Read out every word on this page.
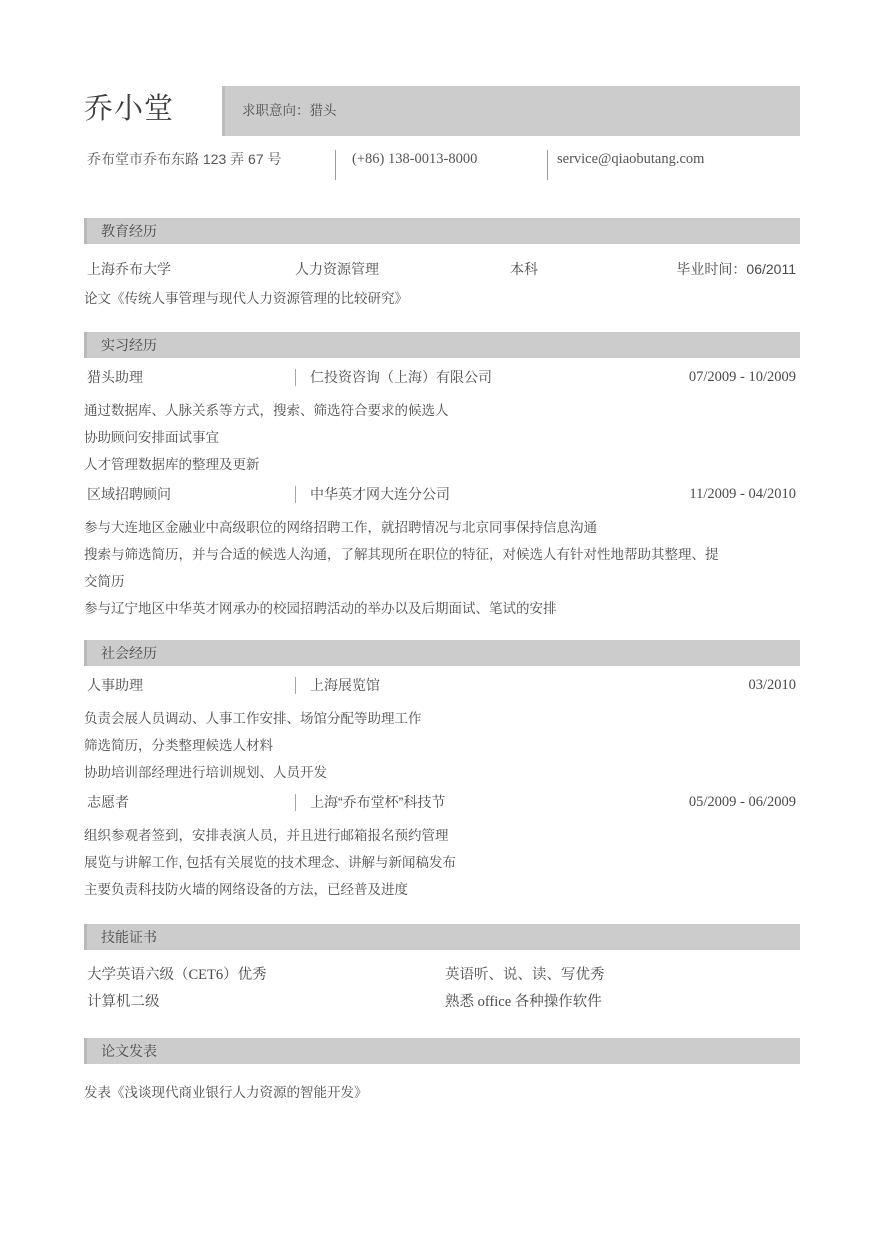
乔小堂	求职意向：猎头
乔布堂市乔布东路 123 弄 67 号	(+86) 138-0013-8000	service@qiaobutang.com
教育经历
上海乔布大学	人力资源管理	本科	毕业时间：06/2011
论文《传统人事管理与现代人力资源管理的比较研究》
实习经历
猎头助理	仁投资咨询（上海）有限公司	07/2009 - 10/2009
通过数据库、人脉关系等方式，搜索、筛选符合要求的候选人
协助顾问安排面试事宜
人才管理数据库的整理及更新
区域招聘顾问	中华英才网大连分公司	11/2009 - 04/2010
参与大连地区金融业中高级职位的网络招聘工作，就招聘情况与北京同事保持信息沟通
搜索与筛选简历，并与合适的候选人沟通，了解其现所在职位的特征，对候选人有针对性地帮助其整理、提交简历
参与辽宁地区中华英才网承办的校园招聘活动的举办以及后期面试、笔试的安排
社会经历
人事助理	上海展览馆	03/2010
负责会展人员调动、人事工作安排、场馆分配等助理工作
筛选简历，分类整理候选人材料
协助培训部经理进行培训规划、人员开发
志愿者	上海“乔布堂杯”科技节	05/2009 - 06/2009
组织参观者签到，安排表演人员，并且进行邮箱报名预约管理
展览与讲解工作, 包括有关展览的技术理念、讲解与新闻稿发布
主要负责科技防火墙的网络设备的方法，已经普及进度
技能证书
大学英语六级（CET6）优秀	英语听、说、读、写优秀
计算机二级	熟悉 office 各种操作软件
论文发表
发表《浅谈现代商业银行人力资源的智能开发》
